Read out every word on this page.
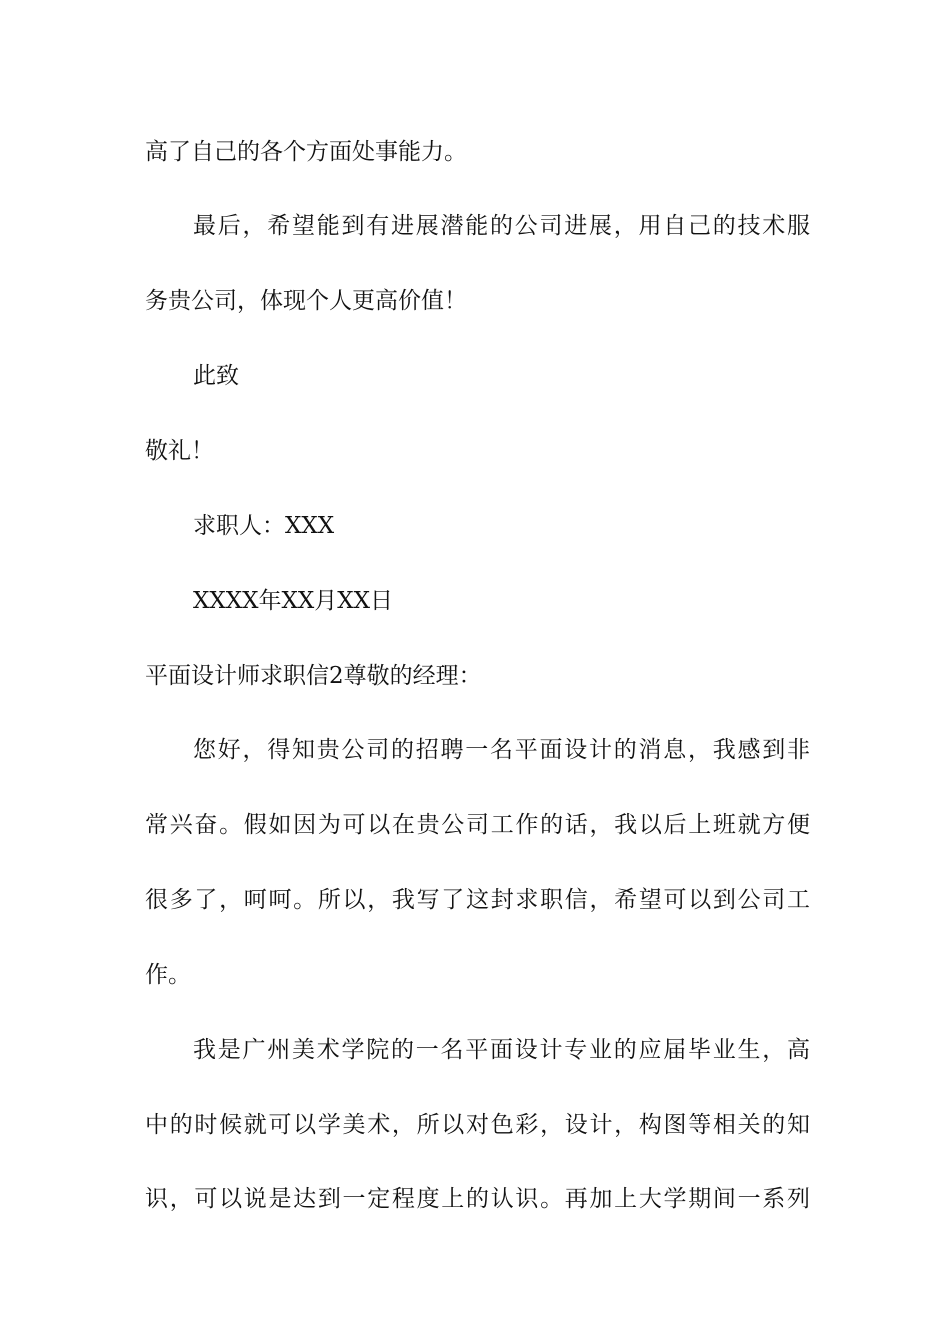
高了自己的各个方面处事能力。
最后，希望能到有进展潜能的公司进展，用自己的技术服
务贵公司，体现个人更高价值！
此致
敬礼！
求职人：XXX
XXXX年XX月XX日
平面设计师求职信2尊敬的经理：
您好，得知贵公司的招聘一名平面设计的消息，我感到非
常兴奋。假如因为可以在贵公司工作的话，我以后上班就方便
很多了，呵呵。所以，我写了这封求职信，希望可以到公司工
作。
我是广州美术学院的一名平面设计专业的应届毕业生，高
中的时候就可以学美术，所以对色彩，设计，构图等相关的知
识，可以说是达到一定程度上的认识。再加上大学期间一系列
